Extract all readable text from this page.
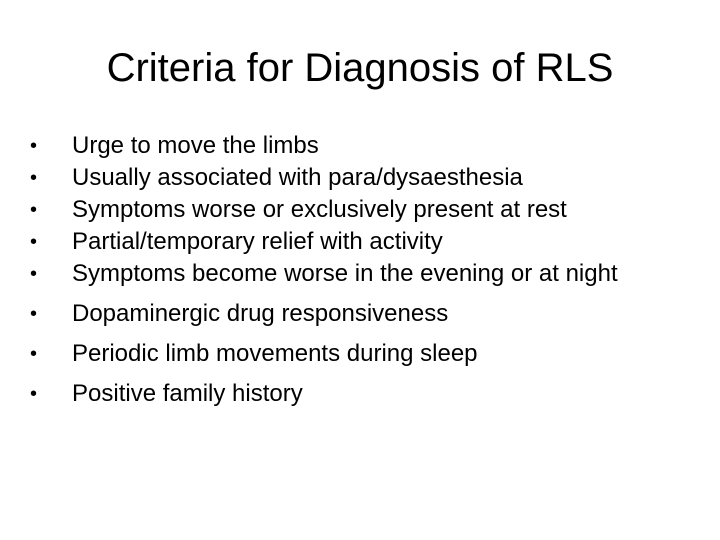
Criteria for Diagnosis of RLS
• Urge to move the limbs
• Usually associated with para/dysaesthesia
• Symptoms worse or exclusively present at rest
• Partial/temporary relief with activity
• Symptoms become worse in the evening or at night
• Dopaminergic drug responsiveness
• Periodic limb movements during sleep
• Positive family history
